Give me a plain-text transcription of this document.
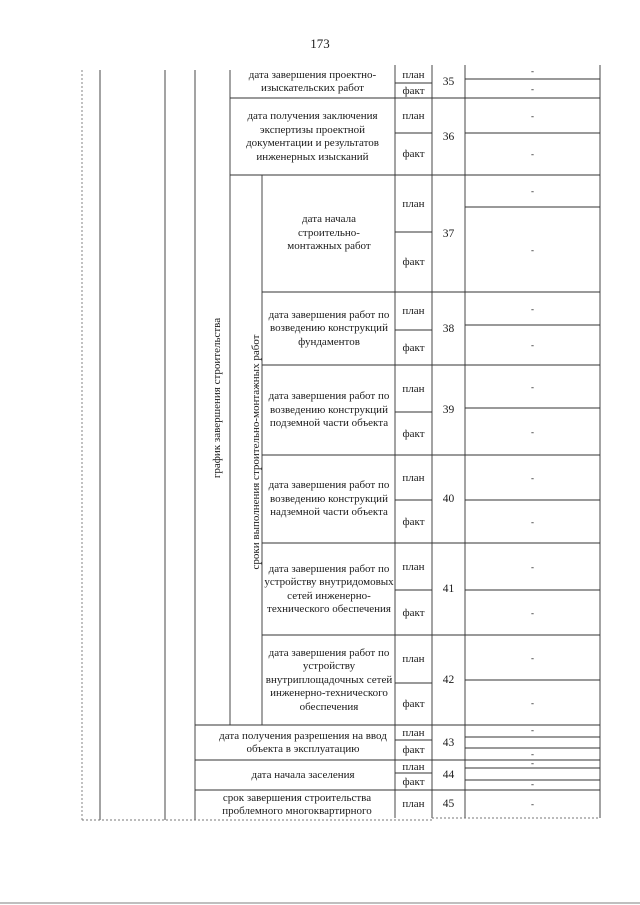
173
график завершения строительства сроки выполнения строительно-монтажных работ
дата завершения проектно-изыскательских работ
план
факт
35
-
-
дата получения заключения экспертизы проектной документации и результатов инженерных изысканий
план
факт
36
-
-
дата начала строительно-монтажных работ
план
факт
37
-
-
дата завершения работ по возведению конструкций фундаментов
план
факт
38
-
-
дата завершения работ по возведению конструкций подземной части объекта
план
факт
39
-
-
дата завершения работ по возведению конструкций надземной части объекта
план
факт
40
-
-
дата завершения работ по устройству внутридомовых сетей инженерно-технического обеспечения
план
факт
41
-
-
дата завершения работ по устройству внутриплощадочных сетей инженерно-технического обеспечения
план
факт
42
-
-
дата получения разрешения на ввод объекта в эксплуатацию
план
факт
43
-
-
дата начала заселения
план
факт
44
-
-
срок завершения строительства проблемного многоквартирного
план	45	-
